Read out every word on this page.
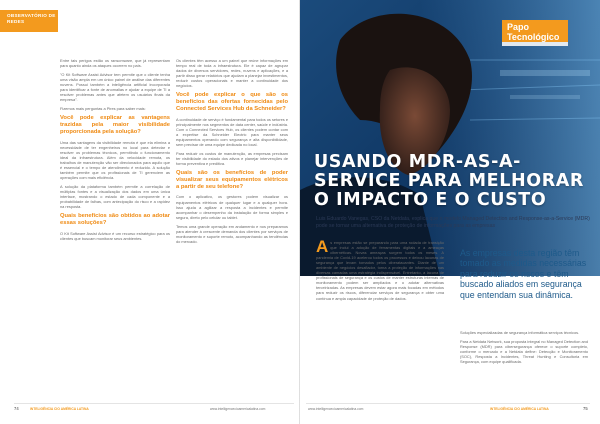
OBSERVATÓRIO DE REDES

Entre tais perigos estão os ransomware, que já representam para quanto ainda os ataques ocorrem no país.

"O Kit Software Assist Advisor tem permite que o cliente tenha uma visão ampla em um único painel de análise das diferentes nuvens. Possui também a inteligência artificial incorporada para identificar a fonte de anomalias e ajudar a equipe de TI a resolver problemas antes que afetem os usuários finais da empresa".

Fizemos mais perguntas a Pires para saber mais:

Você pode explicar as vantagens trazidas pela maior visibilidade proporcionada pela solução?

Uma das vantagens da visibilidade remota é que ela elimina a necessidade de ter engenheiros no local para detectar e resolver os problemas técnicos, permitindo o funcionamento ideal da infraestrutura. Além da velocidade remota, os trabalhos de manutenção vão ser direcionados para aquilo que é essencial e o tempo de atendimento é reduzido. A solução também permite que os profissionais de TI gerenciem as operações com mais eficiência.

A solução da plataforma também permite a correlação de múltiplas fontes e a visualização dos dados em uma única interface, mostrando o estado de cada componente e a probabilidade de falhas, com antecipação do risco e a rapidez na resposta.

Quais benefícios são obtidos ao adotar essas soluções?

O Kit Software Assist Advisor é um recurso estratégico para os clientes que buscam monitorar seus ambientes.

Os clientes têm acesso a um painel que reúne informações em tempo real de toda a infraestrutura. Ele é capaz de agrupar dados de diversos servidores, redes, nuvens e aplicações, e a partir disso gerar relatórios que ajudam a planejar investimentos, reduzir custos operacionais e manter a continuidade dos negócios.

Você pode explicar o que são os benefícios das ofertas fornecidas pelo Connected Services Hub da Schneider?

A continuidade de serviço é fundamental para todos os setores e principalmente nos segmentos de data center, saúde e indústria. Com o Connected Services Hub, os clientes podem contar com a expertise da Schneider Electric para manter seus equipamentos operando com segurança e alta disponibilidade, sem precisar de uma equipe dedicada no local.

Para reduzir os custos de manutenção, as empresas precisam ter visibilidade do estado dos ativos e planejar intervenções de forma preventiva e preditiva.

Quais são os benefícios de poder visualizar seus equipamentos elétricos a partir de seu telefone?

Com o aplicativo, os gestores podem visualizar os equipamentos elétricos de qualquer lugar e a qualquer hora. Isso ajuda a agilizar a resposta a incidentes e permite acompanhar o desempenho da instalação de forma simples e segura, direto pelo celular ou tablet.

Temos uma grande operação em andamento e nos preparamos para atender à crescente demanda dos clientes por serviços de monitoramento e suporte remoto, acompanhando as tendências do mercado.

74	INTELIGÊNCIA CIO AMÉRICA LATINA	www.intelligencecioamericalatina.com
Papo
Tecnológico
USANDO MDR-AS-A-
SERVICE PARA MELHORAR
O IMPACTO E O CUSTO
Luis Eduardo Vanegas, CSO da Netdata, explica que o modelo Managed Detection and Response-as-a-Service (MDR) pode se tornar uma alternativa de proteção de informações para as empresas
As empresas estão se preparando para uma rodada de transição que inclui a adoção de ferramentas digitais e a ameaças cibernéticas. Novas ameaças surgem todos os meses. A pandemia de Covid-19 acelerou todos os processos e deixou lacunas de segurança que levam tomados pelos ciberatacantes. Diante de um ambiente de negócios desafiador, torna a proteção de informações nas diversas camadas uma estratégia indispensável. Entretanto, a lacuna de profissionais de segurança e os custos de manter estruturas internas de monitoramento podem ser ampliados e o adotar alternativas terceirizadas. As empresas devem estar agora mais focadas em métodos para reduzir os riscos, diferenciar serviços de segurança e obter uma contínua e ampla capacidade de proteção de dados.
As empresas desta região têm tomado as medidas necessárias para reduzir os riscos e têm buscado aliados em segurança que entendam sua dinâmica.

Soluções especializadas de segurança informática serviços técnicos.

Para a Netdata Network, sua proposta integral no Managed Detection and Response (MDR) para cibersegurança oferece o suporte completo, conforme o mercado e a Netdata define: Detecção e Monitoramento (SOC), Resposta a Incidentes, Threat Hunting e Consultoria em Segurança, com equipe qualificada.

www.intelligencecioamericalatina.com	INTELIGÊNCIA CIO AMÉRICA LATINA	75
